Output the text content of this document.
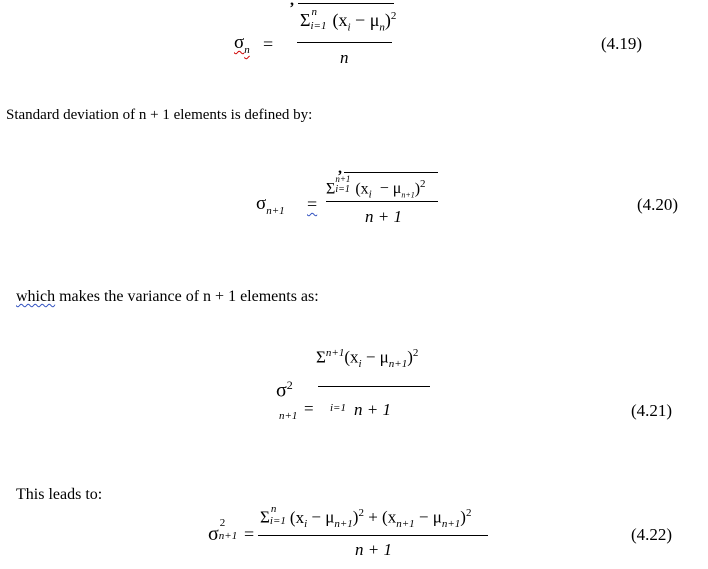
$\sigma_n$ =
,
Σ n
i=1 $(x_i - \mu_n)^2$
n
(4.19)
Standard deviation of n + 1 elements is defined by:
$\sigma_{n+1}$ =
,
Σ
n+1
i=1 $(x_i - \mu_{n+1})^2$
n + 1
(4.20)
which makes the variance of n + 1 elements as:
$\sigma^2$
n+1 =
$\Sigma^{n+1}(x_i - \mu_{n+1})^2$
i=1 n + 1	(4.21)
This leads to:
σ 2
n+1 =
Σ n
i=1 $(x_i - \mu_{n+1})^2 + (x_{n+1} - \mu_{n+1})^2$
n + 1
(4.22)
